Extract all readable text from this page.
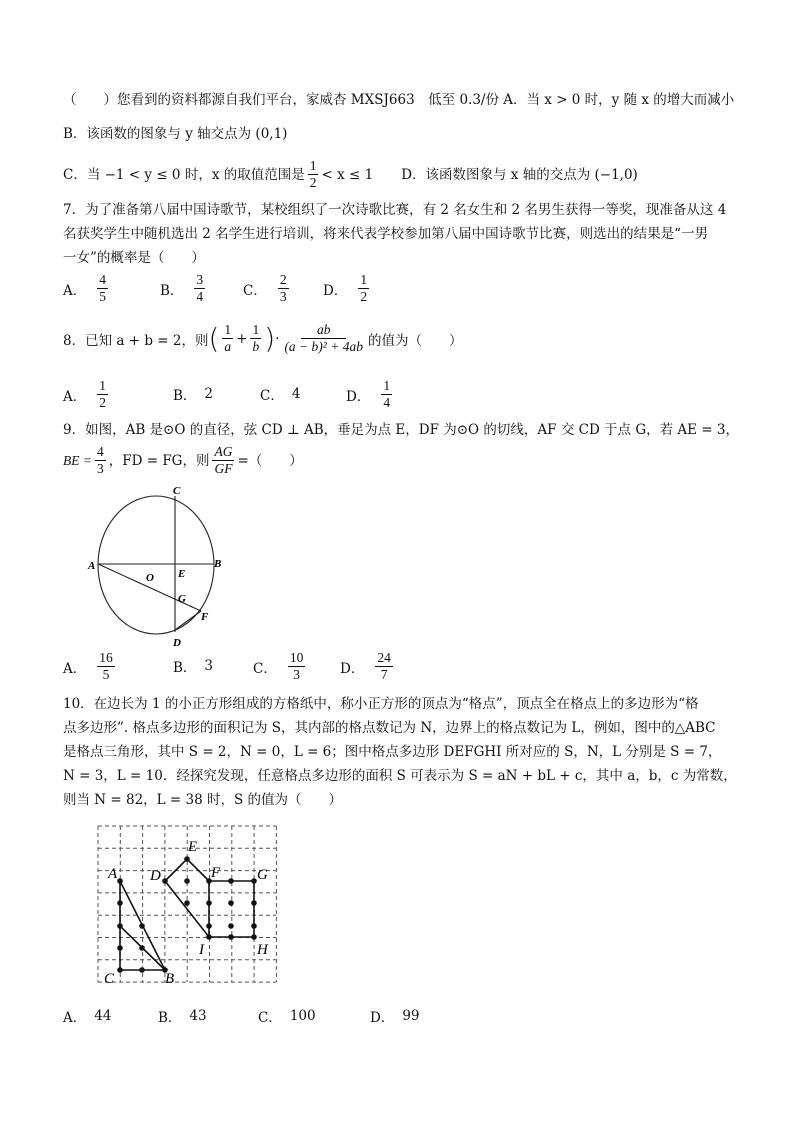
（　　）您看到的资料都源自我们平台，家威杏 MXSJ663　低至 0.3/份 A．当 x > 0 时，y 随 x 的增大而减小
B．该函数的图象与 y 轴交点为 (0,1)
C．当 −1 < y ≤ 0 时，x 的取值范围是 $\frac{1}{2} < x \le 1$ D．该函数图象与 x 轴的交点为 (−1,0)
7．为了准备第八届中国诗歌节，某校组织了一次诗歌比赛，有 2 名女生和 2 名男生获得一等奖，现准备从这 4
名获奖学生中随机选出 2 名学生进行培训，将来代表学校参加第八届中国诗歌节比赛，则选出的结果是“一男
一女”的概率是（　　）
A． $\frac{4}{5}$	B． $\frac{3}{4}$	C． $\frac{2}{3}$	D． $\frac{1}{2}$
8．已知 a + b = 2，则 ( $\frac{1}{a} + \frac{1}{b}$ ) · $\frac{ab}{\text{(a − b)² + 4ab}}$ 的值为（　　）
A． $\frac{1}{2}$	B． 2	C． 4	D． $\frac{1}{4}$
9．如图，AB 是⊙O 的直径，弦 CD ⊥ AB，垂足为点 E，DF 为⊙O 的切线，AF 交 CD 于点 G，若 AE = 3，
BE = $\frac{4}{3}$ ，FD = FG，则 $\frac{AG}{GF}$ =（　　）
A	B
C
D
E
O
G
F
A． $\frac{16}{5}$	B． 3	C． $\frac{10}{3}$	D． $\frac{24}{7}$
10．在边长为 1 的小正方形组成的方格纸中，称小正方形的顶点为“格点”，顶点全在格点上的多边形为“格
点多边形”. 格点多边形的面积记为 S，其内部的格点数记为 N，边界上的格点数记为 L，例如，图中的△ABC
是格点三角形，其中 S = 2，N = 0，L = 6；图中格点多边形 DEFGHI 所对应的 S，N，L 分别是 S = 7，
N = 3，L = 10．经探究发现，任意格点多边形的面积 S 可表示为 S = aN + bL + c，其中 a，b，c 为常数，
则当 N = 82，L = 38 时，S 的值为（　　）
A
B
C
D
E
F G
H
I
A． 44	B． 43	C． 100	D． 99
